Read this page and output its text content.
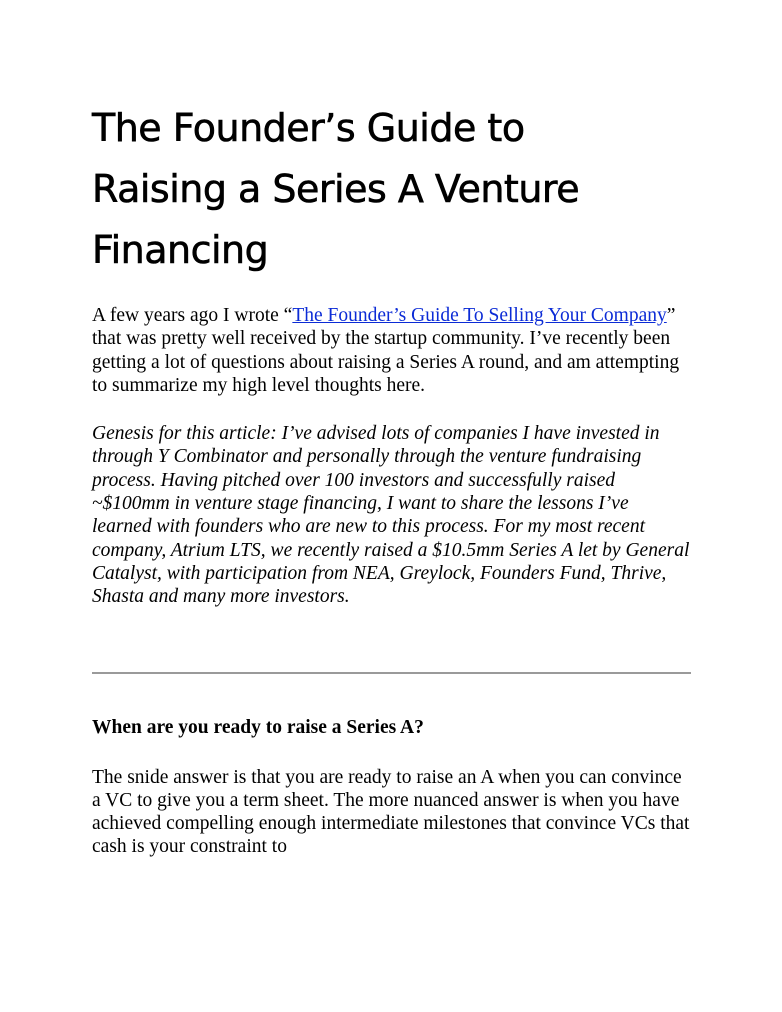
The Founder’s Guide to
Raising a Series A Venture
Financing

A few years ago I wrote “The Founder’s Guide To Selling Your Company” that was pretty well received by the startup community. I’ve recently been getting a lot of questions about raising a Series A round, and am attempting to summarize my high level thoughts here.

Genesis for this article: I’ve advised lots of companies I have invested in through Y Combinator and personally through the venture fundraising process. Having pitched over 100 investors and successfully raised ~$100mm in venture stage financing, I want to share the lessons I’ve learned with founders who are new to this process. For my most recent company, Atrium LTS, we recently raised a $10.5mm Series A let by General Catalyst, with participation from NEA, Greylock, Founders Fund, Thrive, Shasta and many more investors.

When are you ready to raise a Series A?

The snide answer is that you are ready to raise an A when you can convince a VC to give you a term sheet. The more nuanced answer is when you have achieved compelling enough intermediate milestones that convince VCs that cash is your constraint to
